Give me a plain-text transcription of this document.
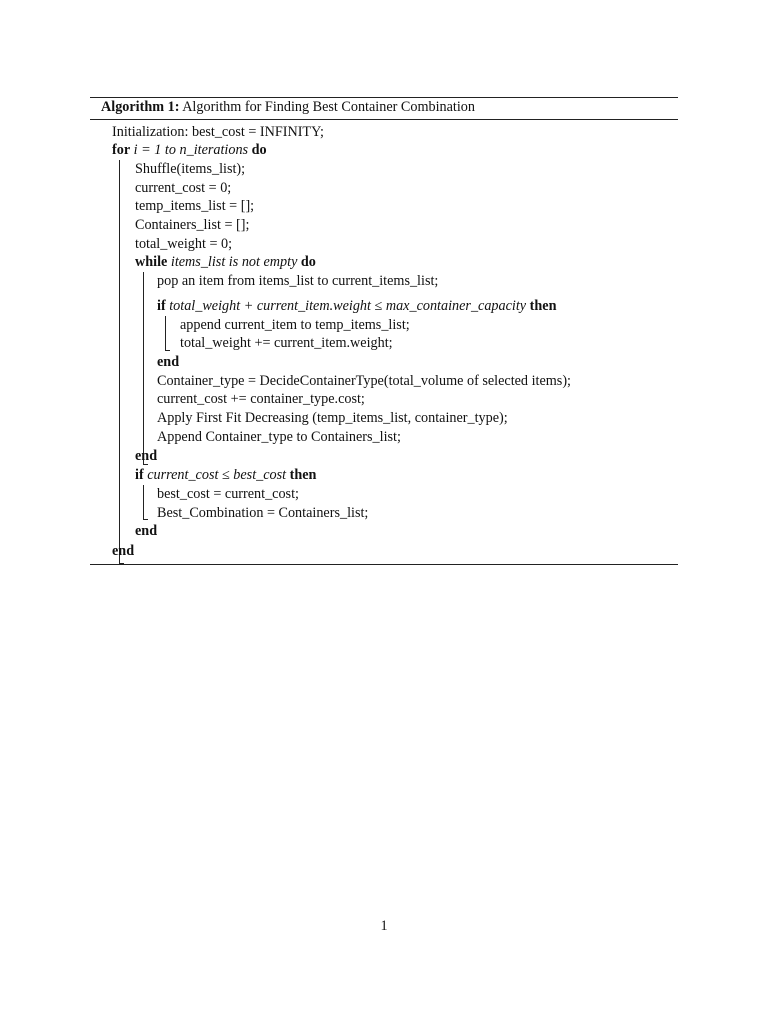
Algorithm 1: Algorithm for Finding Best Container Combination
Initialization: best_cost = INFINITY;
for i = 1 to n_iterations do
Shuffle(items_list);
current_cost = 0;
temp_items_list = [];
Containers_list = [];
total_weight = 0;
while items_list is not empty do
pop an item from items_list to current_items_list;
if total_weight + current_item.weight ≤ max_container_capacity then
append current_item to temp_items_list;
total_weight += current_item.weight;
end
Container_type = DecideContainerType(total_volume of selected items);
current_cost += container_type.cost;
Apply First Fit Decreasing (temp_items_list, container_type);
Append Container_type to Containers_list;
end
if current_cost ≤ best_cost then
best_cost = current_cost;
Best_Combination = Containers_list;
end
end
1
